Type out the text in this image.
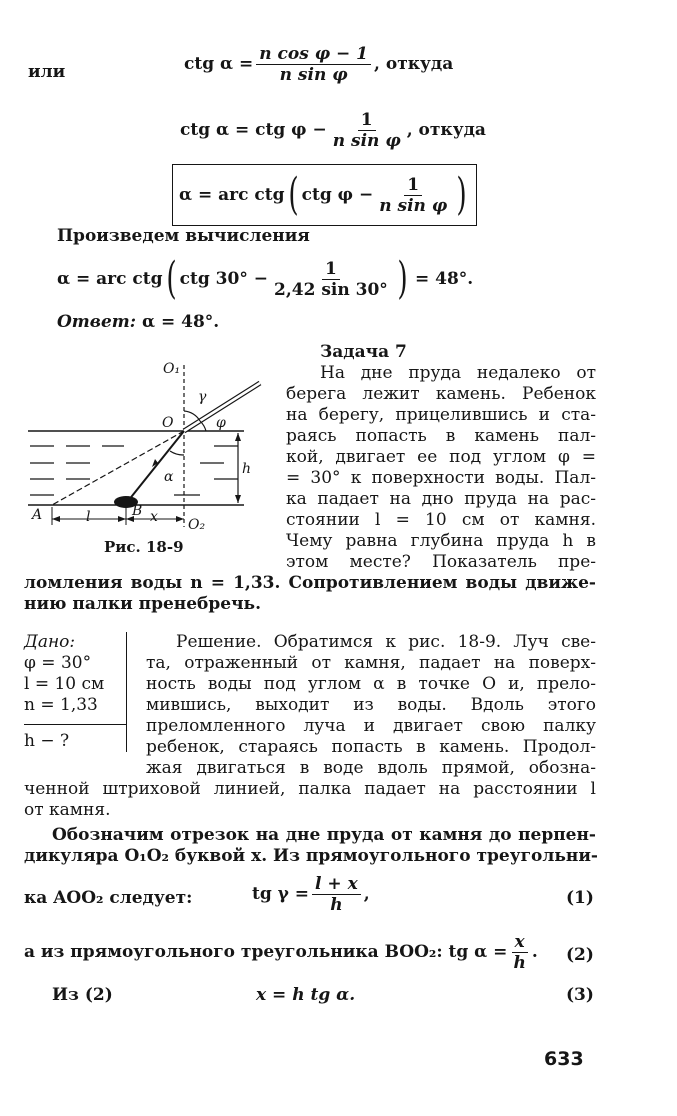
или	ctg $\alpha = \frac{\text{n cos φ − 1}}{\text{n sin φ}}$ , откуда
ctg α = ctg $\varphi - \frac{1}{\text{n sin φ}}$ , откуда
α = arc ctg ( ctg $\varphi - \frac{1}{\text{n sin φ}}$ )
Произведем вычисления
α = arc ctg ( ctg $30^\circ - \frac{1}{2,42 \sin 30^\circ}$ ) = 48°.
Ответ: α = 48°.
O₁
O
γ
φ
h
α
A	l	B x O₂
Рис. 18-9
Задача 7
На дне пруда недалеко от
берега лежит камень. Ребенок
на берегу, прицелившись и ста-
раясь попасть в камень пал-
кой, двигает ее под углом φ =
= 30° к поверхности воды. Пал-
ка падает на дно пруда на рас-
стоянии l = 10 см от камня.
Чему равна глубина пруда h в
этом месте? Показатель пре-
ломления воды n = 1,33. Сопротивлением воды движе-
нию палки пренебречь.
Дано:
φ = 30°
l = 10 см
n = 1,33
h − ?
Решение. Обратимся к рис. 18-9. Луч све-
та, отраженный от камня, падает на поверх-
ность воды под углом α в точке O и, прело-
мившись, выходит из воды. Вдоль этого
преломленного луча и двигает свою палку
ребенок, стараясь попасть в камень. Продол-
жая двигаться в воде вдоль прямой, обозна-
ченной штриховой линией, палка падает на расстоянии l
от камня.
Обозначим отрезок на дне пруда от камня до перпен-
дикуляра O₁O₂ буквой x. Из прямоугольного треугольни-
ка AOO₂ следует:	tg $\gamma = \frac{l + x}{h}$ ,	(1)
а из прямоугольного треугольника BOO₂: tg $\alpha = \frac{x}{h}$ . (2)
Из (2)	x = h tg α.	(3)
633
